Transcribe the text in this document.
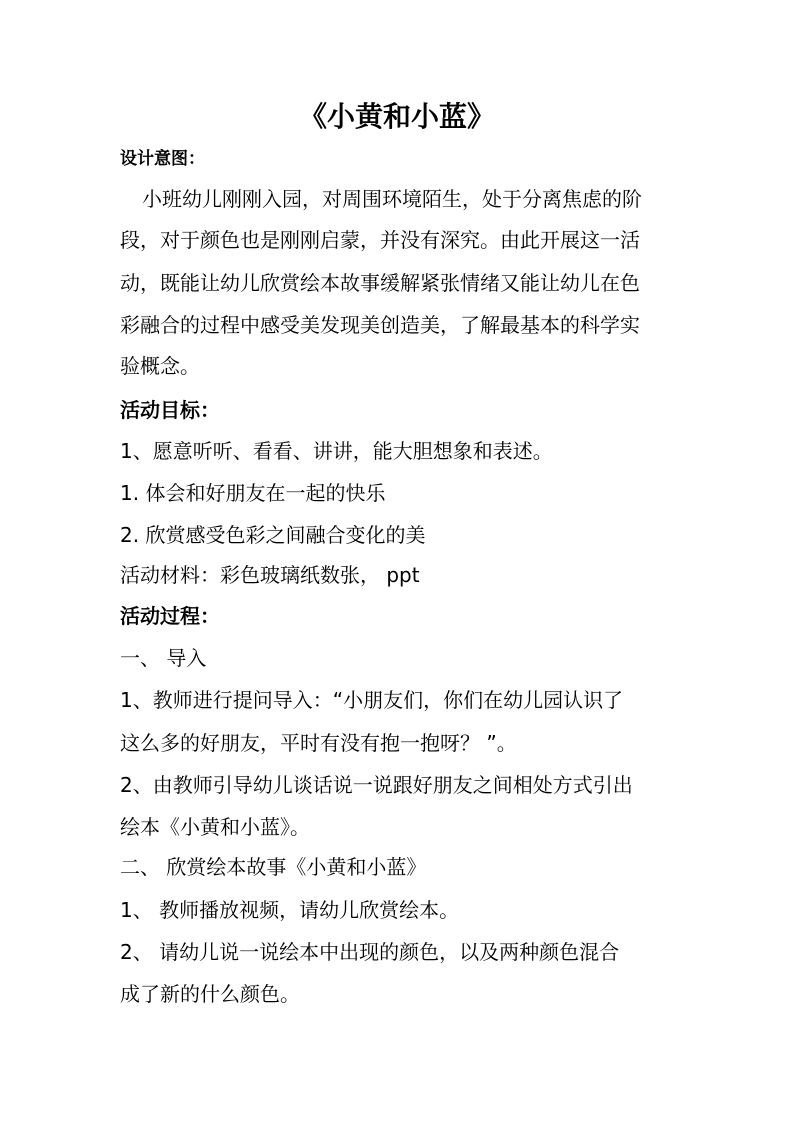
《小黄和小蓝》

设计意图：

小班幼儿刚刚入园，对周围环境陌生，处于分离焦虑的阶

段，对于颜色也是刚刚启蒙，并没有深究。由此开展这一活

动，既能让幼儿欣赏绘本故事缓解紧张情绪又能让幼儿在色

彩融合的过程中感受美发现美创造美，了解最基本的科学实

验概念。

活动目标：

1、愿意听听、看看、讲讲，能大胆想象和表述。

1. 体会和好朋友在一起的快乐

2. 欣赏感受色彩之间融合变化的美

活动材料：彩色玻璃纸数张， ppt

活动过程：

一、 导入

1、教师进行提问导入：“小朋友们，你们在幼儿园认识了

这么多的好朋友，平时有没有抱一抱呀？ ”。

2、由教师引导幼儿谈话说一说跟好朋友之间相处方式引出

绘本《小黄和小蓝》。

二、 欣赏绘本故事《小黄和小蓝》

1、 教师播放视频，请幼儿欣赏绘本。

2、 请幼儿说一说绘本中出现的颜色，以及两种颜色混合

成了新的什么颜色。
